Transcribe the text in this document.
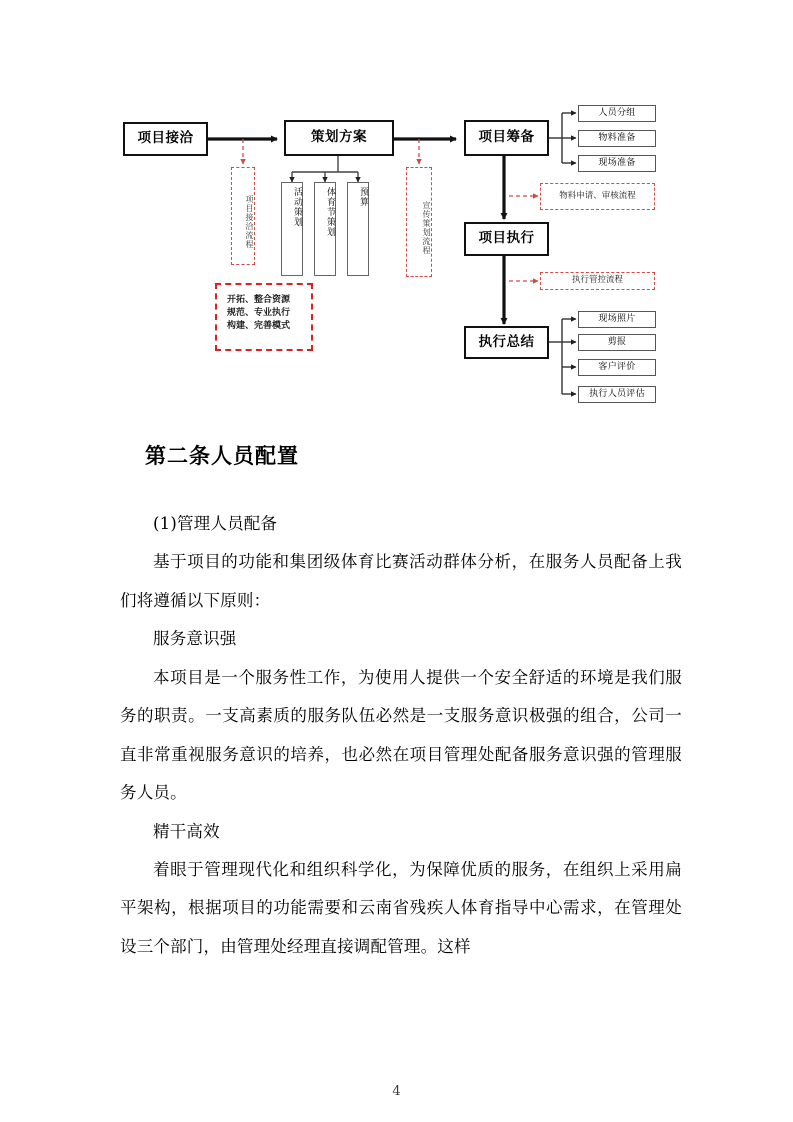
项目接洽	策划方案	项目筹备
项目执行
执行总结
活动策划	体育节策划	预算
人员分组
物料准备
现场准备
现场照片
剪报
客户评价
执行人员评估
项目接洽流程	宣传策划流程
物料申请、审核流程
执行管控流程
开拓、整合资源
规范、专业执行
构建、完善模式
第二条人员配置

(1)管理人员配备

基于项目的功能和集团级体育比赛活动群体分析，在服务人员配备上我们将遵循以下原则：

服务意识强

本项目是一个服务性工作，为使用人提供一个安全舒适的环境是我们服务的职责。一支高素质的服务队伍必然是一支服务意识极强的组合，公司一直非常重视服务意识的培养，也必然在项目管理处配备服务意识强的管理服务人员。

精干高效

着眼于管理现代化和组织科学化，为保障优质的服务，在组织上采用扁平架构，根据项目的功能需要和云南省残疾人体育指导中心需求，在管理处设三个部门，由管理处经理直接调配管理。这样

4
